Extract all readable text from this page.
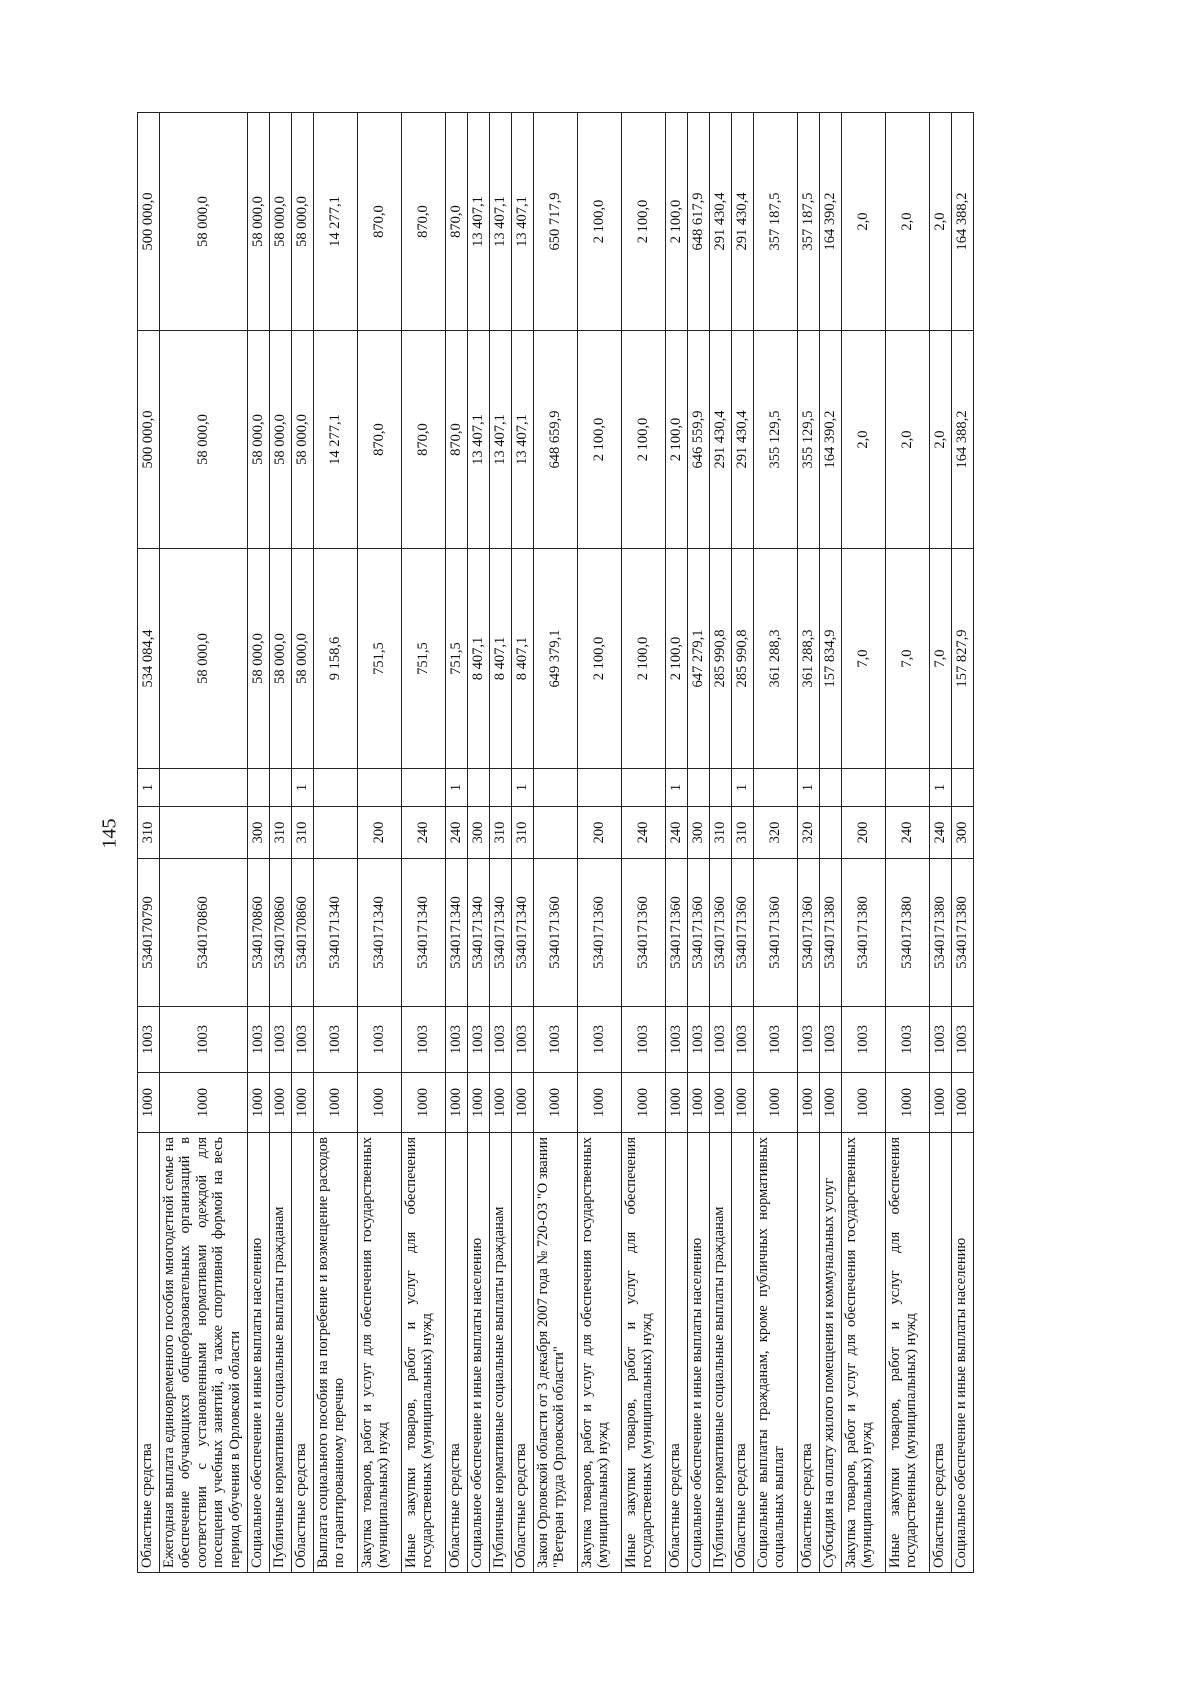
145
Областные средства	1000	1003	5340170790	310	1	534 084,4	500 000,0	500 000,0
Ежегодная выплата единовременного пособия многодетной семье на обеспечение обучающихся общеобразовательных организаций в соответствии с установленными нормативами одеждой для посещения учебных занятий, а также спортивной формой на весь период обучения в Орловской области	1000	1003	5340170860			58 000,0	58 000,0	58 000,0
Социальное обеспечение и иные выплаты населению	1000	1003	5340170860	300		58 000,0	58 000,0	58 000,0
Публичные нормативные социальные выплаты гражданам	1000	1003	5340170860	310		58 000,0	58 000,0	58 000,0
Областные средства	1000	1003	5340170860	310	1	58 000,0	58 000,0	58 000,0
Выплата социального пособия на погребение и возмещение расходов по гарантированному перечню	1000	1003	5340171340			9 158,6	14 277,1	14 277,1
Закупка товаров, работ и услуг для обеспечения государственных (муниципальных) нужд	1000	1003	5340171340	200		751,5	870,0	870,0
Иные закупки товаров, работ и услуг для обеспечения государственных (муниципальных) нужд	1000	1003	5340171340	240		751,5	870,0	870,0
Областные средства	1000	1003	5340171340	240	1	751,5	870,0	870,0
Социальное обеспечение и иные выплаты населению	1000	1003	5340171340	300		8 407,1	13 407,1	13 407,1
Публичные нормативные социальные выплаты гражданам	1000	1003	5340171340	310		8 407,1	13 407,1	13 407,1
Областные средства	1000	1003	5340171340	310	1	8 407,1	13 407,1	13 407,1
Закон Орловской области от 3 декабря 2007 года № 720-ОЗ "О звании "Ветеран труда Орловской области"	1000	1003	5340171360			649 379,1	648 659,9	650 717,9
Закупка товаров, работ и услуг для обеспечения государственных (муниципальных) нужд	1000	1003	5340171360	200		2 100,0	2 100,0	2 100,0
Иные закупки товаров, работ и услуг для обеспечения государственных (муниципальных) нужд	1000	1003	5340171360	240		2 100,0	2 100,0	2 100,0
Областные средства	1000	1003	5340171360	240	1	2 100,0	2 100,0	2 100,0
Социальное обеспечение и иные выплаты населению	1000	1003	5340171360	300		647 279,1	646 559,9	648 617,9
Публичные нормативные социальные выплаты гражданам	1000	1003	5340171360	310		285 990,8	291 430,4	291 430,4
Областные средства	1000	1003	5340171360	310	1	285 990,8	291 430,4	291 430,4
Социальные выплаты гражданам, кроме публичных нормативных социальных выплат	1000	1003	5340171360	320		361 288,3	355 129,5	357 187,5
Областные средства	1000	1003	5340171360	320	1	361 288,3	355 129,5	357 187,5
Субсидия на оплату жилого помещения и коммунальных услуг	1000	1003	5340171380			157 834,9	164 390,2	164 390,2
Закупка товаров, работ и услуг для обеспечения государственных (муниципальных) нужд	1000	1003	5340171380	200		7,0	2,0	2,0
Иные закупки товаров, работ и услуг для обеспечения государственных (муниципальных) нужд	1000	1003	5340171380	240		7,0	2,0	2,0
Областные средства	1000	1003	5340171380	240	1	7,0	2,0	2,0
Социальное обеспечение и иные выплаты населению	1000	1003	5340171380	300		157 827,9	164 388,2	164 388,2
